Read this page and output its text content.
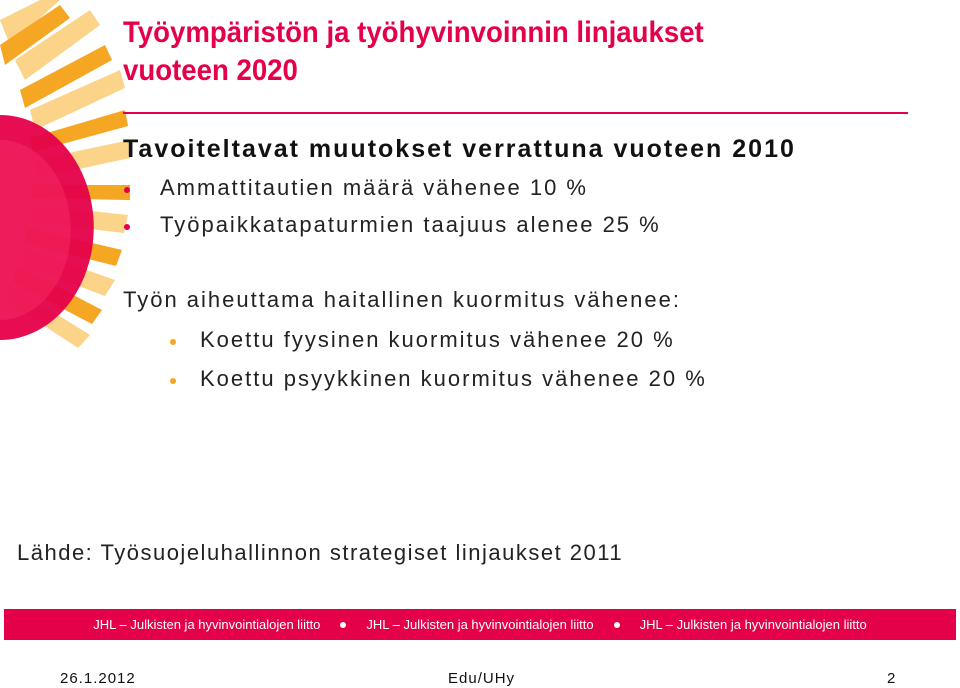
Työympäristön ja työhyvinvoinnin linjaukset
vuoteen 2020
Tavoiteltavat muutokset verrattuna vuoteen 2010
Ammattitautien määrä vähenee 10 %
Työpaikkatapaturmien taajuus alenee 25 %
Työn aiheuttama haitallinen kuormitus vähenee:
Koettu fyysinen kuormitus vähenee 20 %
Koettu psyykkinen kuormitus vähenee 20 %
Lähde: Työsuojeluhallinnon strategiset linjaukset 2011
JHL – Julkisten ja hyvinvointialojen liitto	JHL – Julkisten ja hyvinvointialojen liitto	JHL – Julkisten ja hyvinvointialojen liitto
26.1.2012	Edu/UHy	2
